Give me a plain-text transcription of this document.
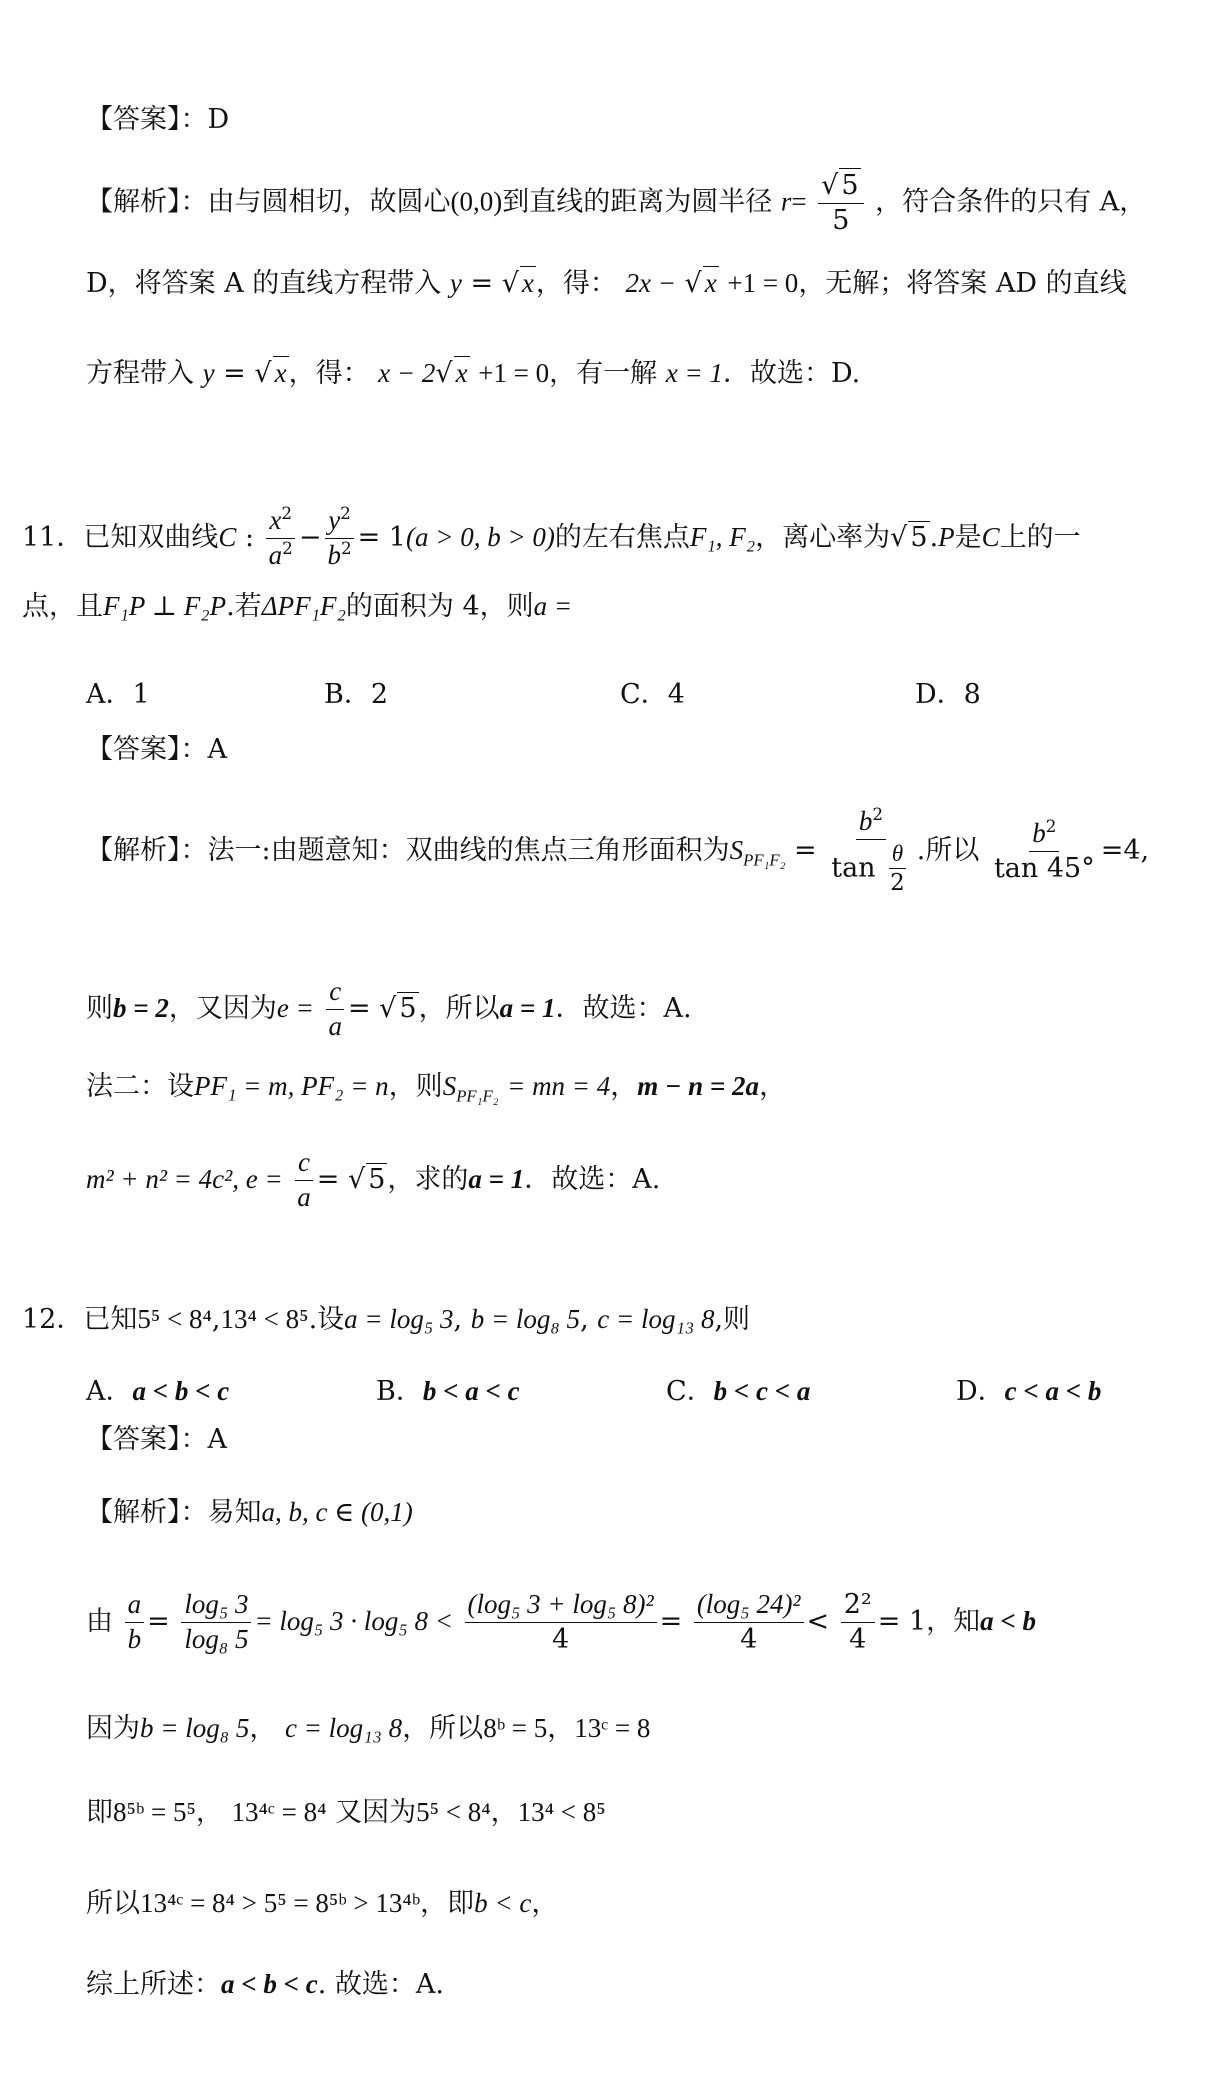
【答案】：D
【解析】：由与圆相切，故圆心(0,0)到直线的距离为圆半径 $r= \frac{√ 5}{5}$ ，符合条件的只有 A，
D，将答案 A 的直线方程带入 y = √ x，得： 2x − √ x +1 = 0，无解；将答案 AD 的直线
方程带入 y = √ x，得： x − 2√ x +1 = 0，有一解 x = 1．故选：D.
11．已知双曲线C : $\frac{x^2}{a^2} - \frac{y^2}{b^2} = 1(a > 0$, b > 0)的左右焦点F₁, F₂，离心率为√ 5.P是C上的一
点，且F₁P ⊥ F₂P.若ΔPF₁F₂的面积为 4，则a =
A．1	B．2	C．4	D．8
【答案】：A
【解析】：法一:由题意知：双曲线的焦点三角形面积为$S_{PF_1F_2} = \frac{b^2}{\tan \frac{\theta}{2}}$ .所以 $\frac{b^2}{\tan 45^\circ} =4$,
则b = 2，又因为$e = \frac{c}{a}$ = √ 5，所以a = 1．故选：A.
法二：设PF₁ = m, PF₂ = n，则$S_{PF_1F_2}$ = mn = 4，m − n = 2a，
m² + n² = 4c², $e = \frac{c}{a}$ = √ 5，求的a = 1．故选：A.
12．已知5⁵ < 8⁴,13⁴ < 8⁵.设a = log₅ 3, b = log₈ 5, c = log₁₃ 8,则
A．a < b < c	B．b < a < c	C．b < c < a	D．c < a < b
【答案】：A
【解析】：易知a, b, c ∈ (0,1)
由 $\frac{a}{b} = \frac{\text{log₅ 3}}{\text{log₈ 5}} = \log_5$ 3 · log₅ $8 < \frac{\text{(log₅ 3 + log₅ 8)²}}{4} = \frac{\text{(log₅ 24)²}}{4} < \frac{\text{2²}}{4} = 1$，知a < b
因为b = log₈ 5， c = log₁₃ 8，所以8ᵇ = 5，13ᶜ = 8
即8⁵ᵇ = 5⁵， 13⁴ᶜ = 8⁴ 又因为5⁵ < 8⁴，13⁴ < 8⁵
所以13⁴ᶜ = 8⁴ > 5⁵ = 8⁵ᵇ > 13⁴ᵇ，即b < c，
综上所述：a < b < c. 故选：A.
